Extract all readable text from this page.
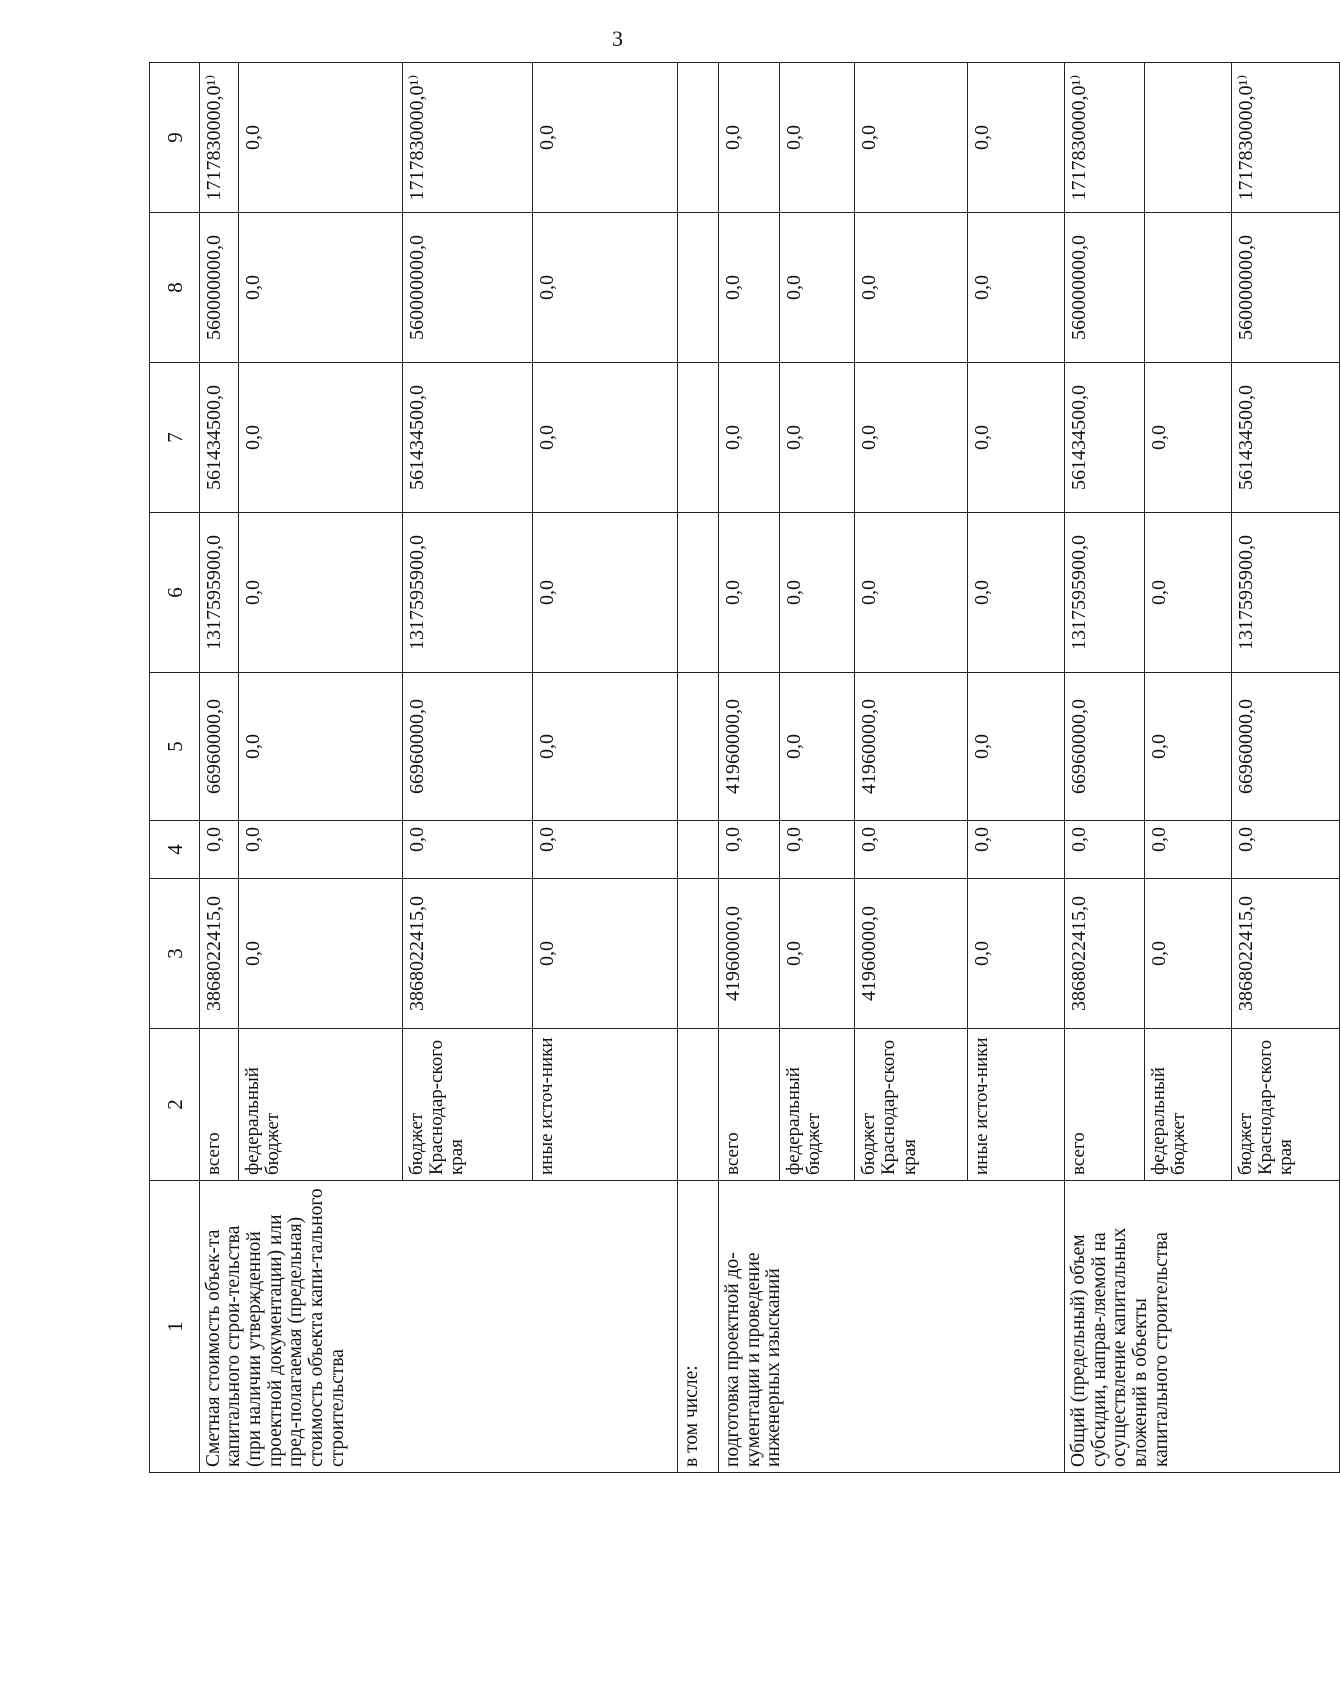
3
1	2	3	4	5	6	7	8	9
Сметная стоимость объек-та капитального строи-тельства (при наличии утвержденной проектной документации) или пред-полагаемая (предельная) стоимость объекта капи-тального строительства	всего	3868022415,0	0,0	66960000,0	1317595900,0	561434500,0	560000000,0	1717830000,0¹⁾
	федеральный бюджет	0,0	0,0	0,0	0,0	0,0	0,0	0,0
	бюджет Краснодар-ского края	3868022415,0	0,0	66960000,0	1317595900,0	561434500,0	560000000,0	1717830000,0¹⁾
	иные источ-ники	0,0	0,0	0,0	0,0	0,0	0,0	0,0
в том числе:								
подготовка проектной до-кументации и проведение инженерных изысканий	всего	41960000,0	0,0	41960000,0	0,0	0,0	0,0	0,0
	федеральный бюджет	0,0	0,0	0,0	0,0	0,0	0,0	0,0
	бюджет Краснодар-ского края	41960000,0	0,0	41960000,0	0,0	0,0	0,0	0,0
	иные источ-ники	0,0	0,0	0,0	0,0	0,0	0,0	0,0
Общий (предельный) объем субсидии, направ-ляемой на осуществление капитальных вложений в объекты капитального строительства	всего	3868022415,0	0,0	66960000,0	1317595900,0	561434500,0	560000000,0	1717830000,0¹⁾
	федеральный бюджет	0,0	0,0	0,0	0,0	0,0		
	бюджет Краснодар-ского края	3868022415,0	0,0	66960000,0	1317595900,0	561434500,0	560000000,0	1717830000,0¹⁾
